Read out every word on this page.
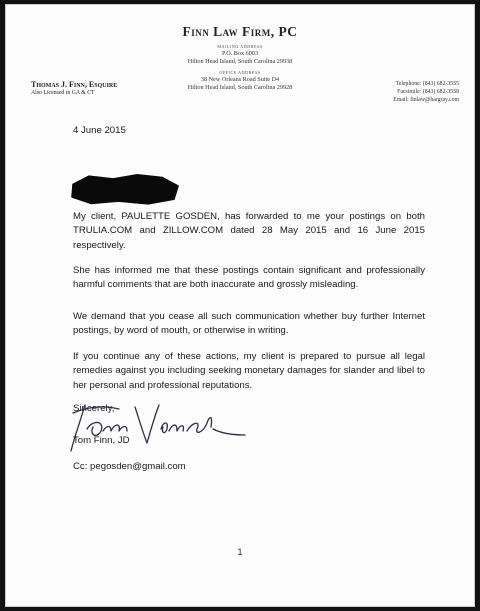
Finn Law Firm, PC
MAILING ADDRESS
P.O. Box 6003
Hilton Head Island, South Carolina 29938
OFFICE ADDRESS
38 New Orleans Road Suite D4
Hilton Head Island, South Carolina 29928
Thomas J. Finn, Esquire
Also Licensed in GA & CT
Telephone: (843) 682-3555
Facsimile: (843) 682-3558
Email: finlaw@hargray.com
4 June 2015
My client, PAULETTE GOSDEN, has forwarded to me your postings on both TRULIA.COM and ZILLOW.COM dated 28 May 2015 and 16 June 2015 respectively.
She has informed me that these postings contain significant and professionally harmful comments that are both inaccurate and grossly misleading.
We demand that you cease all such communication whether buy further Internet postings, by word of mouth, or otherwise in writing.
If you continue any of these actions, my client is prepared to pursue all legal remedies against you including seeking monetary damages for slander and libel to her personal and professional reputations.
Sincerely,
Tom Finn, JD
Cc: pegosden@gmail.com
1
